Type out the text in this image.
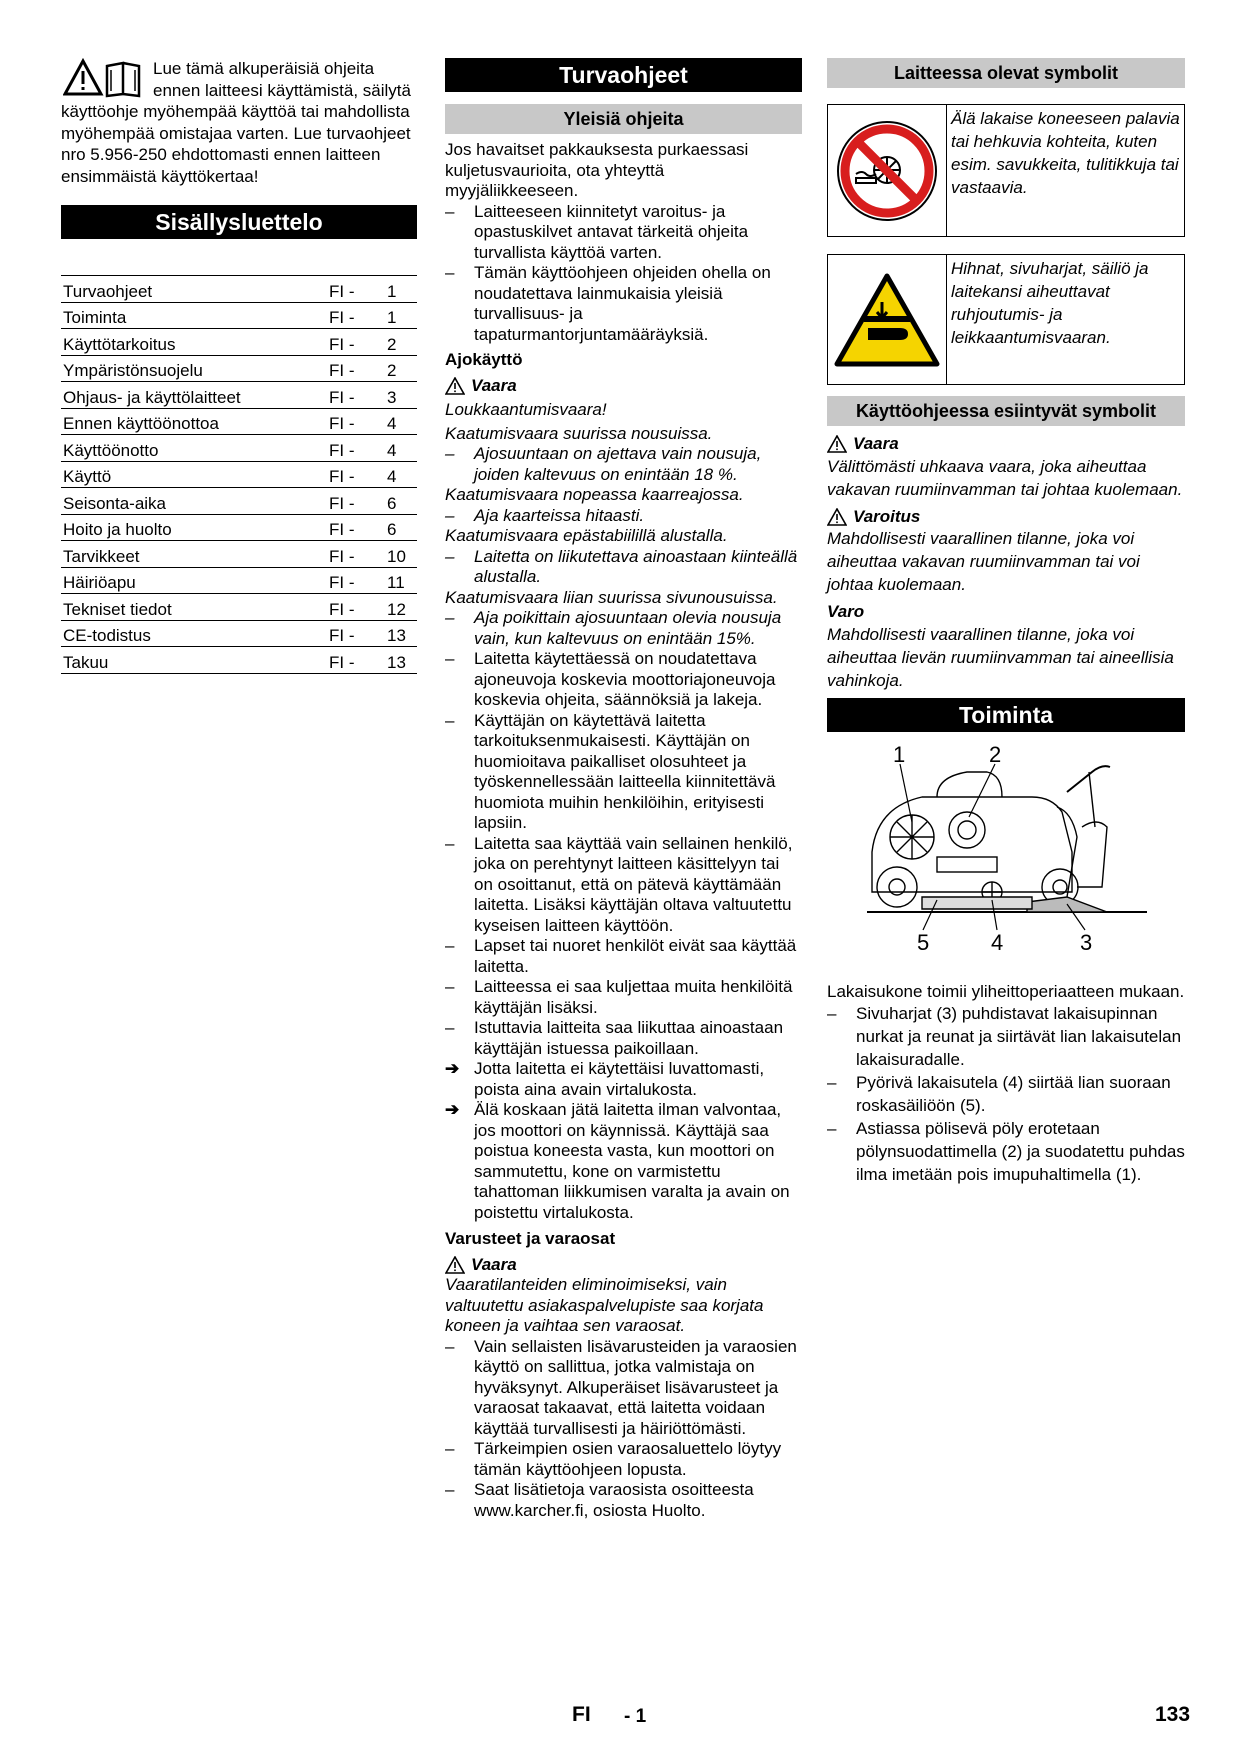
Lue tämä alkuperäisiä ohjeita ennen laitteesi käyttämistä, säilytä käyttöohje myöhempää käyttöä tai mahdollista myöhempää omistajaa varten. Lue turvaohjeet nro 5.956-250 ehdottomasti ennen laitteen ensimmäistä käyttökertaa!

Sisällysluettelo
Turvaohjeet	FI -	1
Toiminta	FI -	1
Käyttötarkoitus	FI -	2
Ympäristönsuojelu	FI -	2
Ohjaus- ja käyttölaitteet	FI -	3
Ennen käyttöönottoa	FI -	4
Käyttöönotto	FI -	4
Käyttö	FI -	4
Seisonta-aika	FI -	6
Hoito ja huolto	FI -	6
Tarvikkeet	FI -	10
Häiriöapu	FI -	11
Tekniset tiedot	FI -	12
CE-todistus	FI -	13
Takuu	FI -	13
Turvaohjeet
Yleisiä ohjeita

Jos havaitset pakkauksesta purkaessasi kuljetusvaurioita, ota yhteyttä myyjäliikkeeseen.

–	Laitteeseen kiinnitetyt varoitus- ja opastuskilvet antavat tärkeitä ohjeita turvallista käyttöä varten.
–	Tämän käyttöohjeen ohjeiden ohella on noudatettava lainmukaisia yleisiä turvallisuus- ja tapaturmantorjuntamääräyksiä.

Ajokäyttö

Vaara

Loukkaantumisvaara!

Kaatumisvaara suurissa nousuissa.

–	Ajosuuntaan on ajettava vain nousuja, joiden kaltevuus on enintään 18 %.

Kaatumisvaara nopeassa kaarreajossa.

–	Aja kaarteissa hitaasti.

Kaatumisvaara epästabiilillä alustalla.

–	Laitetta on liikutettava ainoastaan kiinteällä alustalla.

Kaatumisvaara liian suurissa sivunousuissa.

–	Aja poikittain ajosuuntaan olevia nousuja vain, kun kaltevuus on enintään 15%.
–	Laitetta käytettäessä on noudatettava ajoneuvoja koskevia moottoriajoneuvoja koskevia ohjeita, säännöksiä ja lakeja.
–	Käyttäjän on käytettävä laitetta tarkoituksenmukaisesti. Käyttäjän on huomioitava paikalliset olosuhteet ja työskennellessään laitteella kiinnitettävä huomiota muihin henkilöihin, erityisesti lapsiin.
–	Laitetta saa käyttää vain sellainen henkilö, joka on perehtynyt laitteen käsittelyyn tai on osoittanut, että on pätevä käyttämään laitetta. Lisäksi käyttäjän oltava valtuutettu kyseisen laitteen käyttöön.
–	Lapset tai nuoret henkilöt eivät saa käyttää laitetta.
–	Laitteessa ei saa kuljettaa muita henkilöitä käyttäjän lisäksi.
–	Istuttavia laitteita saa liikuttaa ainoastaan käyttäjän istuessa paikoillaan.
➔ Jotta laitetta ei käytettäisi luvattomasti, poista aina avain virtalukosta.
➔ Älä koskaan jätä laitetta ilman valvontaa, jos moottori on käynnissä. Käyttäjä saa poistua koneesta vasta, kun moottori on sammutettu, kone on varmistettu tahattoman liikkumisen varalta ja avain on poistettu virtalukosta.

Varusteet ja varaosat

Vaara

Vaaratilanteiden eliminoimiseksi, vain valtuutettu asiakaspalvelupiste saa korjata koneen ja vaihtaa sen varaosat.

–	Vain sellaisten lisävarusteiden ja varaosien käyttö on sallittua, jotka valmistaja on hyväksynyt. Alkuperäiset lisävarusteet ja varaosat takaavat, että laitetta voidaan käyttää turvallisesti ja häiriöttömästi.
–	Tärkeimpien osien varaosaluettelo löytyy tämän käyttöohjeen lopusta.
–	Saat lisätietoja varaosista osoitteesta www.karcher.fi, osiosta Huolto.
Laitteessa olevat symbolit
Älä lakaise koneeseen palavia tai hehkuvia kohteita, kuten esim. savukkeita, tulitikkuja tai vastaavia.
Hihnat, sivuharjat, säiliö ja laitekansi aiheuttavat ruhjoutumis- ja leikkaantumisvaaran.
Käyttöohjeessa esiintyvät symbolit
Vaara

Välittömästi uhkaava vaara, joka aiheuttaa vakavan ruumiinvamman tai johtaa kuolemaan.

Varoitus

Mahdollisesti vaarallinen tilanne, joka voi aiheuttaa vakavan ruumiinvamman tai voi johtaa kuolemaan.

Varo

Mahdollisesti vaarallinen tilanne, joka voi aiheuttaa lievän ruumiinvamman tai aineellisia vahinkoja.

Toiminta
1	2
5	4	3

Lakaisukone toimii yliheittoperiaatteen mukaan.

–	Sivuharjat (3) puhdistavat lakaisupinnan nurkat ja reunat ja siirtävät lian lakaisutelan lakaisuradalle.
–	Pyörivä lakaisutela (4) siirtää lian suoraan roskasäiliöön (5).
–	Astiassa pölisevä pöly erotetaan pölynsuodattimella (2) ja suodatettu puhdas ilma imetään pois imupuhaltimella (1).
FI - 1	133
